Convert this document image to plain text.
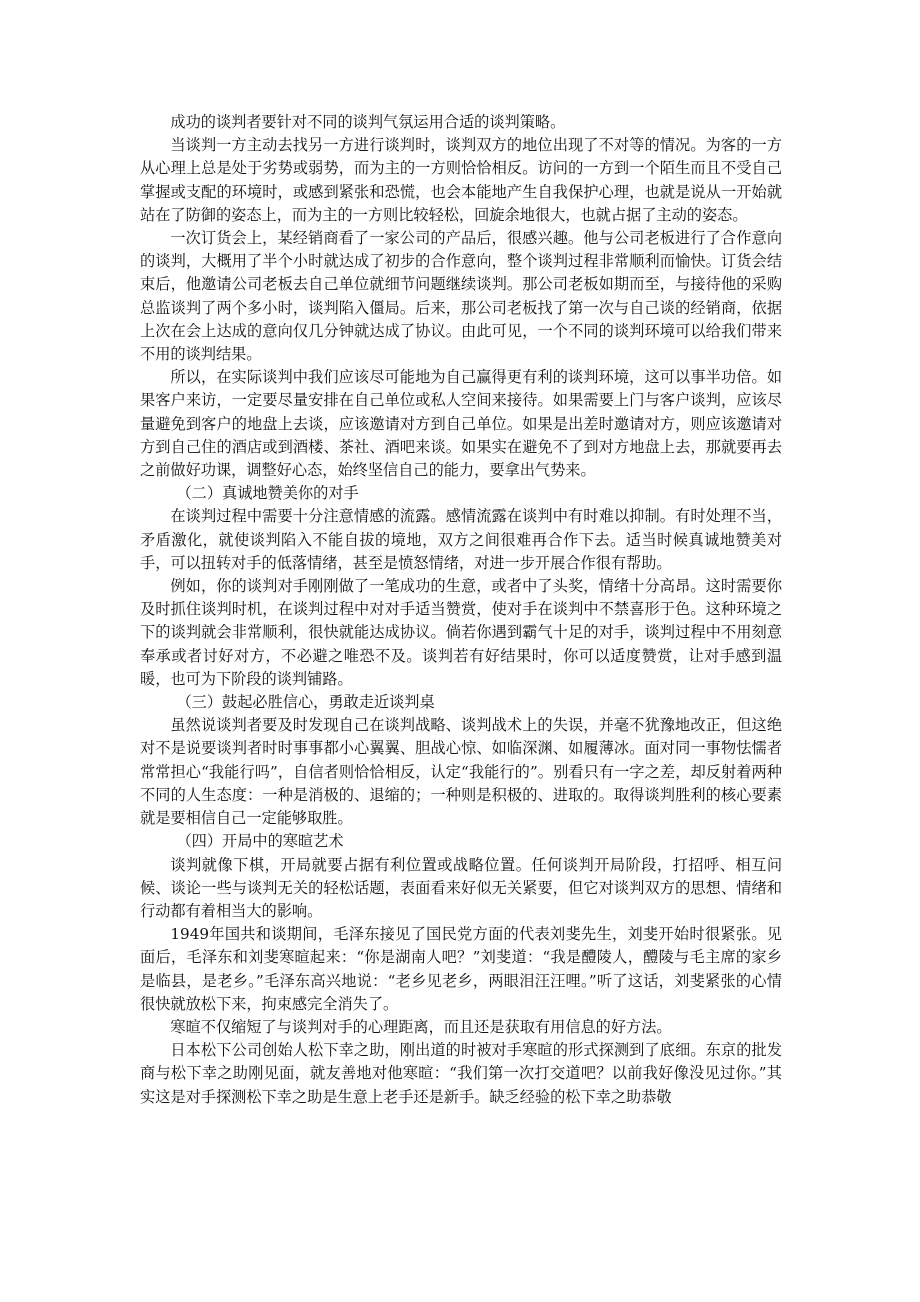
成功的谈判者要针对不同的谈判气氛运用合适的谈判策略。

当谈判一方主动去找另一方进行谈判时，谈判双方的地位出现了不对等的情况。为客的一方从心理上总是处于劣势或弱势，而为主的一方则恰恰相反。访问的一方到一个陌生而且不受自己掌握或支配的环境时，或感到紧张和恐慌，也会本能地产生自我保护心理，也就是说从一开始就站在了防御的姿态上，而为主的一方则比较轻松，回旋余地很大，也就占据了主动的姿态。

一次订货会上，某经销商看了一家公司的产品后，很感兴趣。他与公司老板进行了合作意向的谈判，大概用了半个小时就达成了初步的合作意向，整个谈判过程非常顺利而愉快。订货会结束后，他邀请公司老板去自己单位就细节问题继续谈判。那公司老板如期而至，与接待他的采购总监谈判了两个多小时，谈判陷入僵局。后来，那公司老板找了第一次与自己谈的经销商，依据上次在会上达成的意向仅几分钟就达成了协议。由此可见，一个不同的谈判环境可以给我们带来不用的谈判结果。

所以，在实际谈判中我们应该尽可能地为自己赢得更有利的谈判环境，这可以事半功倍。如果客户来访，一定要尽量安排在自己单位或私人空间来接待。如果需要上门与客户谈判，应该尽量避免到客户的地盘上去谈，应该邀请对方到自己单位。如果是出差时邀请对方，则应该邀请对方到自己住的酒店或到酒楼、茶社、酒吧来谈。如果实在避免不了到对方地盘上去，那就要再去之前做好功课，调整好心态，始终坚信自己的能力，要拿出气势来。

（二）真诚地赞美你的对手

在谈判过程中需要十分注意情感的流露。感情流露在谈判中有时难以抑制。有时处理不当，矛盾激化，就使谈判陷入不能自拔的境地，双方之间很难再合作下去。适当时候真诚地赞美对手，可以扭转对手的低落情绪，甚至是愤怒情绪，对进一步开展合作很有帮助。

例如，你的谈判对手刚刚做了一笔成功的生意，或者中了头奖，情绪十分高昂。这时需要你及时抓住谈判时机，在谈判过程中对对手适当赞赏，使对手在谈判中不禁喜形于色。这种环境之下的谈判就会非常顺利，很快就能达成协议。倘若你遇到霸气十足的对手，谈判过程中不用刻意奉承或者讨好对方，不必避之唯恐不及。谈判若有好结果时，你可以适度赞赏，让对手感到温暖，也可为下阶段的谈判铺路。

（三）鼓起必胜信心，勇敢走近谈判桌

虽然说谈判者要及时发现自己在谈判战略、谈判战术上的失误，并毫不犹豫地改正，但这绝对不是说要谈判者时时事事都小心翼翼、胆战心惊、如临深渊、如履薄冰。面对同一事物怯懦者常常担心“我能行吗”，自信者则恰恰相反，认定“我能行的”。别看只有一字之差，却反射着两种不同的人生态度：一种是消极的、退缩的；一种则是积极的、进取的。取得谈判胜利的核心要素就是要相信自己一定能够取胜。

（四）开局中的寒暄艺术

谈判就像下棋，开局就要占据有利位置或战略位置。任何谈判开局阶段，打招呼、相互问候、谈论一些与谈判无关的轻松话题，表面看来好似无关紧要，但它对谈判双方的思想、情绪和行动都有着相当大的影响。

1949年国共和谈期间，毛泽东接见了国民党方面的代表刘斐先生，刘斐开始时很紧张。见面后，毛泽东和刘斐寒暄起来：“你是湖南人吧？”刘斐道：“我是醴陵人，醴陵与毛主席的家乡是临县，是老乡。”毛泽东高兴地说：“老乡见老乡，两眼泪汪汪哩。”听了这话，刘斐紧张的心情很快就放松下来，拘束感完全消失了。

寒暄不仅缩短了与谈判对手的心理距离，而且还是获取有用信息的好方法。

日本松下公司创始人松下幸之助，刚出道的时被对手寒暄的形式探测到了底细。东京的批发商与松下幸之助刚见面，就友善地对他寒暄：“我们第一次打交道吧？以前我好像没见过你。”其实这是对手探测松下幸之助是生意上老手还是新手。缺乏经验的松下幸之助恭敬
